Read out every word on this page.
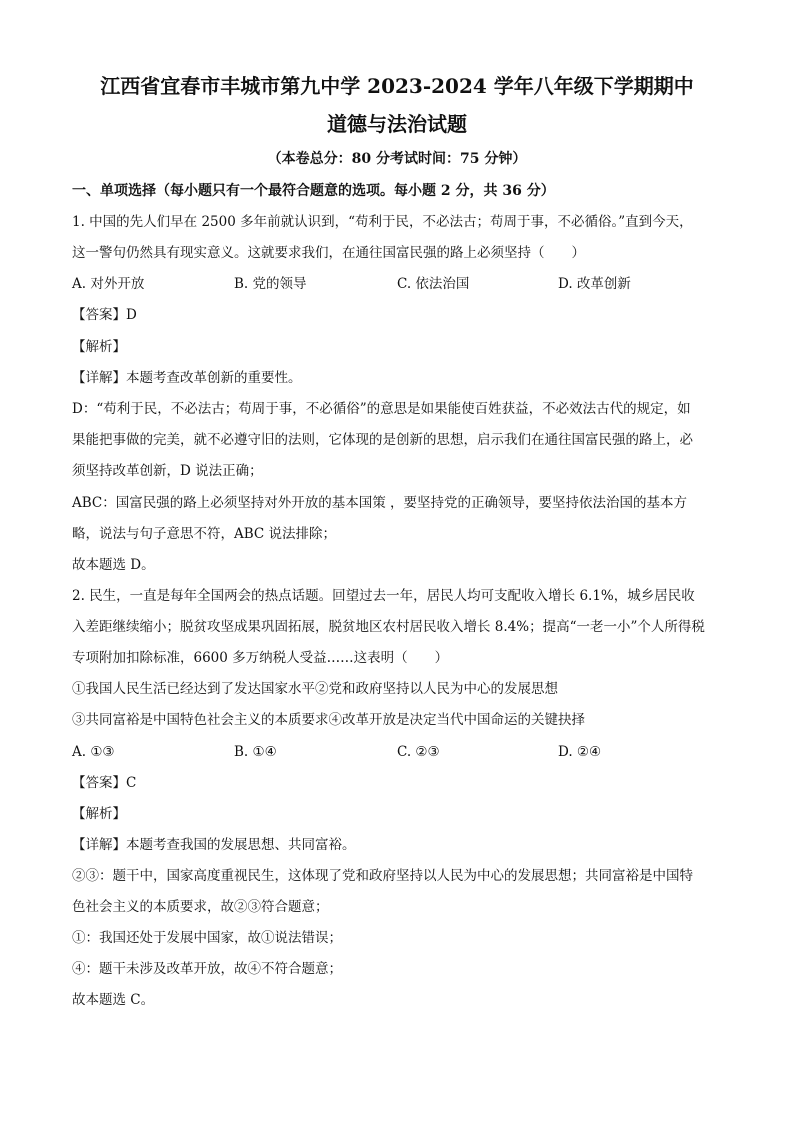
江西省宜春市丰城市第九中学 2023-2024 学年八年级下学期期中
道德与法治试题
（本卷总分：80 分考试时间：75 分钟）
一、单项选择（每小题只有一个最符合题意的选项。每小题 2 分，共 36 分）
1. 中国的先人们早在 2500 多年前就认识到，“苟利于民，不必法古；苟周于事，不必循俗。”直到今天，
这一警句仍然具有现实意义。这就要求我们，在通往国富民强的路上必须坚持（　　）
A. 对外开放	B. 党的领导	C. 依法治国	D. 改革创新
【答案】D
【解析】
【详解】本题考查改革创新的重要性。
D：“苟利于民，不必法古；苟周于事，不必循俗”的意思是如果能使百姓获益，不必效法古代的规定，如
果能把事做的完美，就不必遵守旧的法则，它体现的是创新的思想，启示我们在通往国富民强的路上，必
须坚持改革创新，D 说法正确；
ABC：国富民强的路上必须坚持对外开放的基本国策 ，要坚持党的正确领导，要坚持依法治国的基本方
略，说法与句子意思不符，ABC 说法排除；
故本题选 D。
2. 民生，一直是每年全国两会的热点话题。回望过去一年，居民人均可支配收入增长 6.1%，城乡居民收
入差距继续缩小；脱贫攻坚成果巩固拓展，脱贫地区农村居民收入增长 8.4%；提高“一老一小”个人所得税
专项附加扣除标准，6600 多万纳税人受益……这表明（　　）
①我国人民生活已经达到了发达国家水平②党和政府坚持以人民为中心的发展思想
③共同富裕是中国特色社会主义的本质要求④改革开放是决定当代中国命运的关键抉择
A. ①③	B. ①④	C. ②③	D. ②④
【答案】C
【解析】
【详解】本题考查我国的发展思想、共同富裕。
②③：题干中，国家高度重视民生，这体现了党和政府坚持以人民为中心的发展思想；共同富裕是中国特
色社会主义的本质要求，故②③符合题意；
①：我国还处于发展中国家，故①说法错误；
④：题干未涉及改革开放，故④不符合题意；
故本题选 C。
